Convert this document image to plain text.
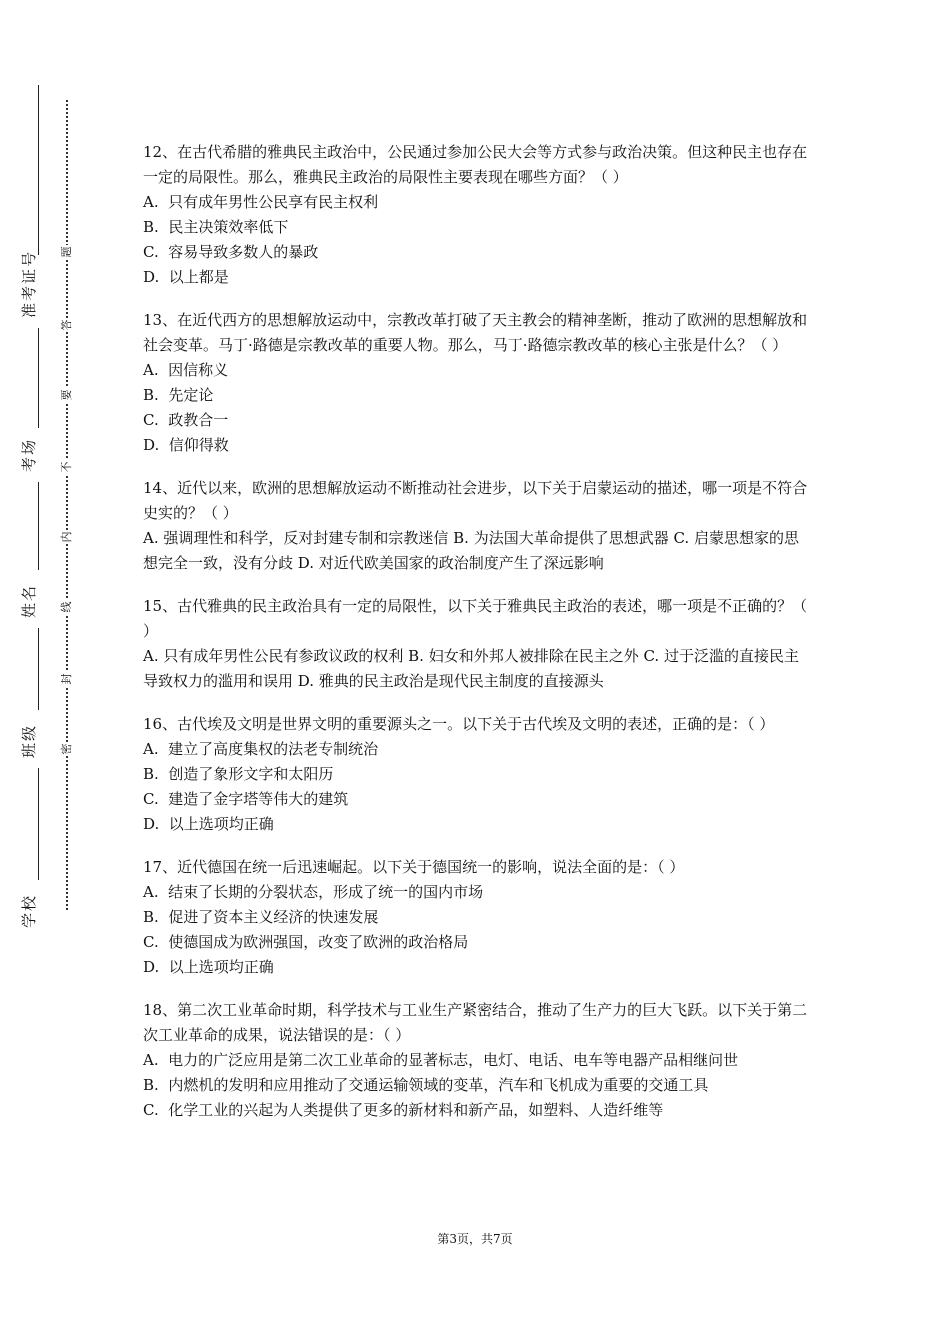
准考证号
考场
姓名
班级
学校
题
答
要
不
内
线
封
密

12、在古代希腊的雅典民主政治中，公民通过参加公民大会等方式参与政治决策。但这种民主也存在一定的局限性。那么，雅典民主政治的局限性主要表现在哪些方面？（ ）

A.  只有成年男性公民享有民主权利

B.  民主决策效率低下

C.  容易导致多数人的暴政

D.  以上都是

13、在近代西方的思想解放运动中，宗教改革打破了天主教会的精神垄断，推动了欧洲的思想解放和社会变革。马丁·路德是宗教改革的重要人物。那么，马丁·路德宗教改革的核心主张是什么？（ ）

A.  因信称义

B.  先定论

C.  政教合一

D.  信仰得救

14、近代以来，欧洲的思想解放运动不断推动社会进步，以下关于启蒙运动的描述，哪一项是不符合史实的？（ ）

A. 强调理性和科学，反对封建专制和宗教迷信 B. 为法国大革命提供了思想武器 C. 启蒙思想家的思想完全一致，没有分歧 D. 对近代欧美国家的政治制度产生了深远影响

15、古代雅典的民主政治具有一定的局限性，以下关于雅典民主政治的表述，哪一项是不正确的？（ ）

A. 只有成年男性公民有参政议政的权利 B. 妇女和外邦人被排除在民主之外 C. 过于泛滥的直接民主导致权力的滥用和误用 D. 雅典的民主政治是现代民主制度的直接源头

16、古代埃及文明是世界文明的重要源头之一。以下关于古代埃及文明的表述，正确的是：（ ）

A.  建立了高度集权的法老专制统治

B.  创造了象形文字和太阳历

C.  建造了金字塔等伟大的建筑

D.  以上选项均正确

17、近代德国在统一后迅速崛起。以下关于德国统一的影响，说法全面的是：（ ）

A.  结束了长期的分裂状态，形成了统一的国内市场

B.  促进了资本主义经济的快速发展

C.  使德国成为欧洲强国，改变了欧洲的政治格局

D.  以上选项均正确

18、第二次工业革命时期，科学技术与工业生产紧密结合，推动了生产力的巨大飞跃。以下关于第二次工业革命的成果，说法错误的是：（ ）

A.  电力的广泛应用是第二次工业革命的显著标志，电灯、电话、电车等电器产品相继问世

B.  内燃机的发明和应用推动了交通运输领域的变革，汽车和飞机成为重要的交通工具

C.  化学工业的兴起为人类提供了更多的新材料和新产品，如塑料、人造纤维等

第3页，共7页
